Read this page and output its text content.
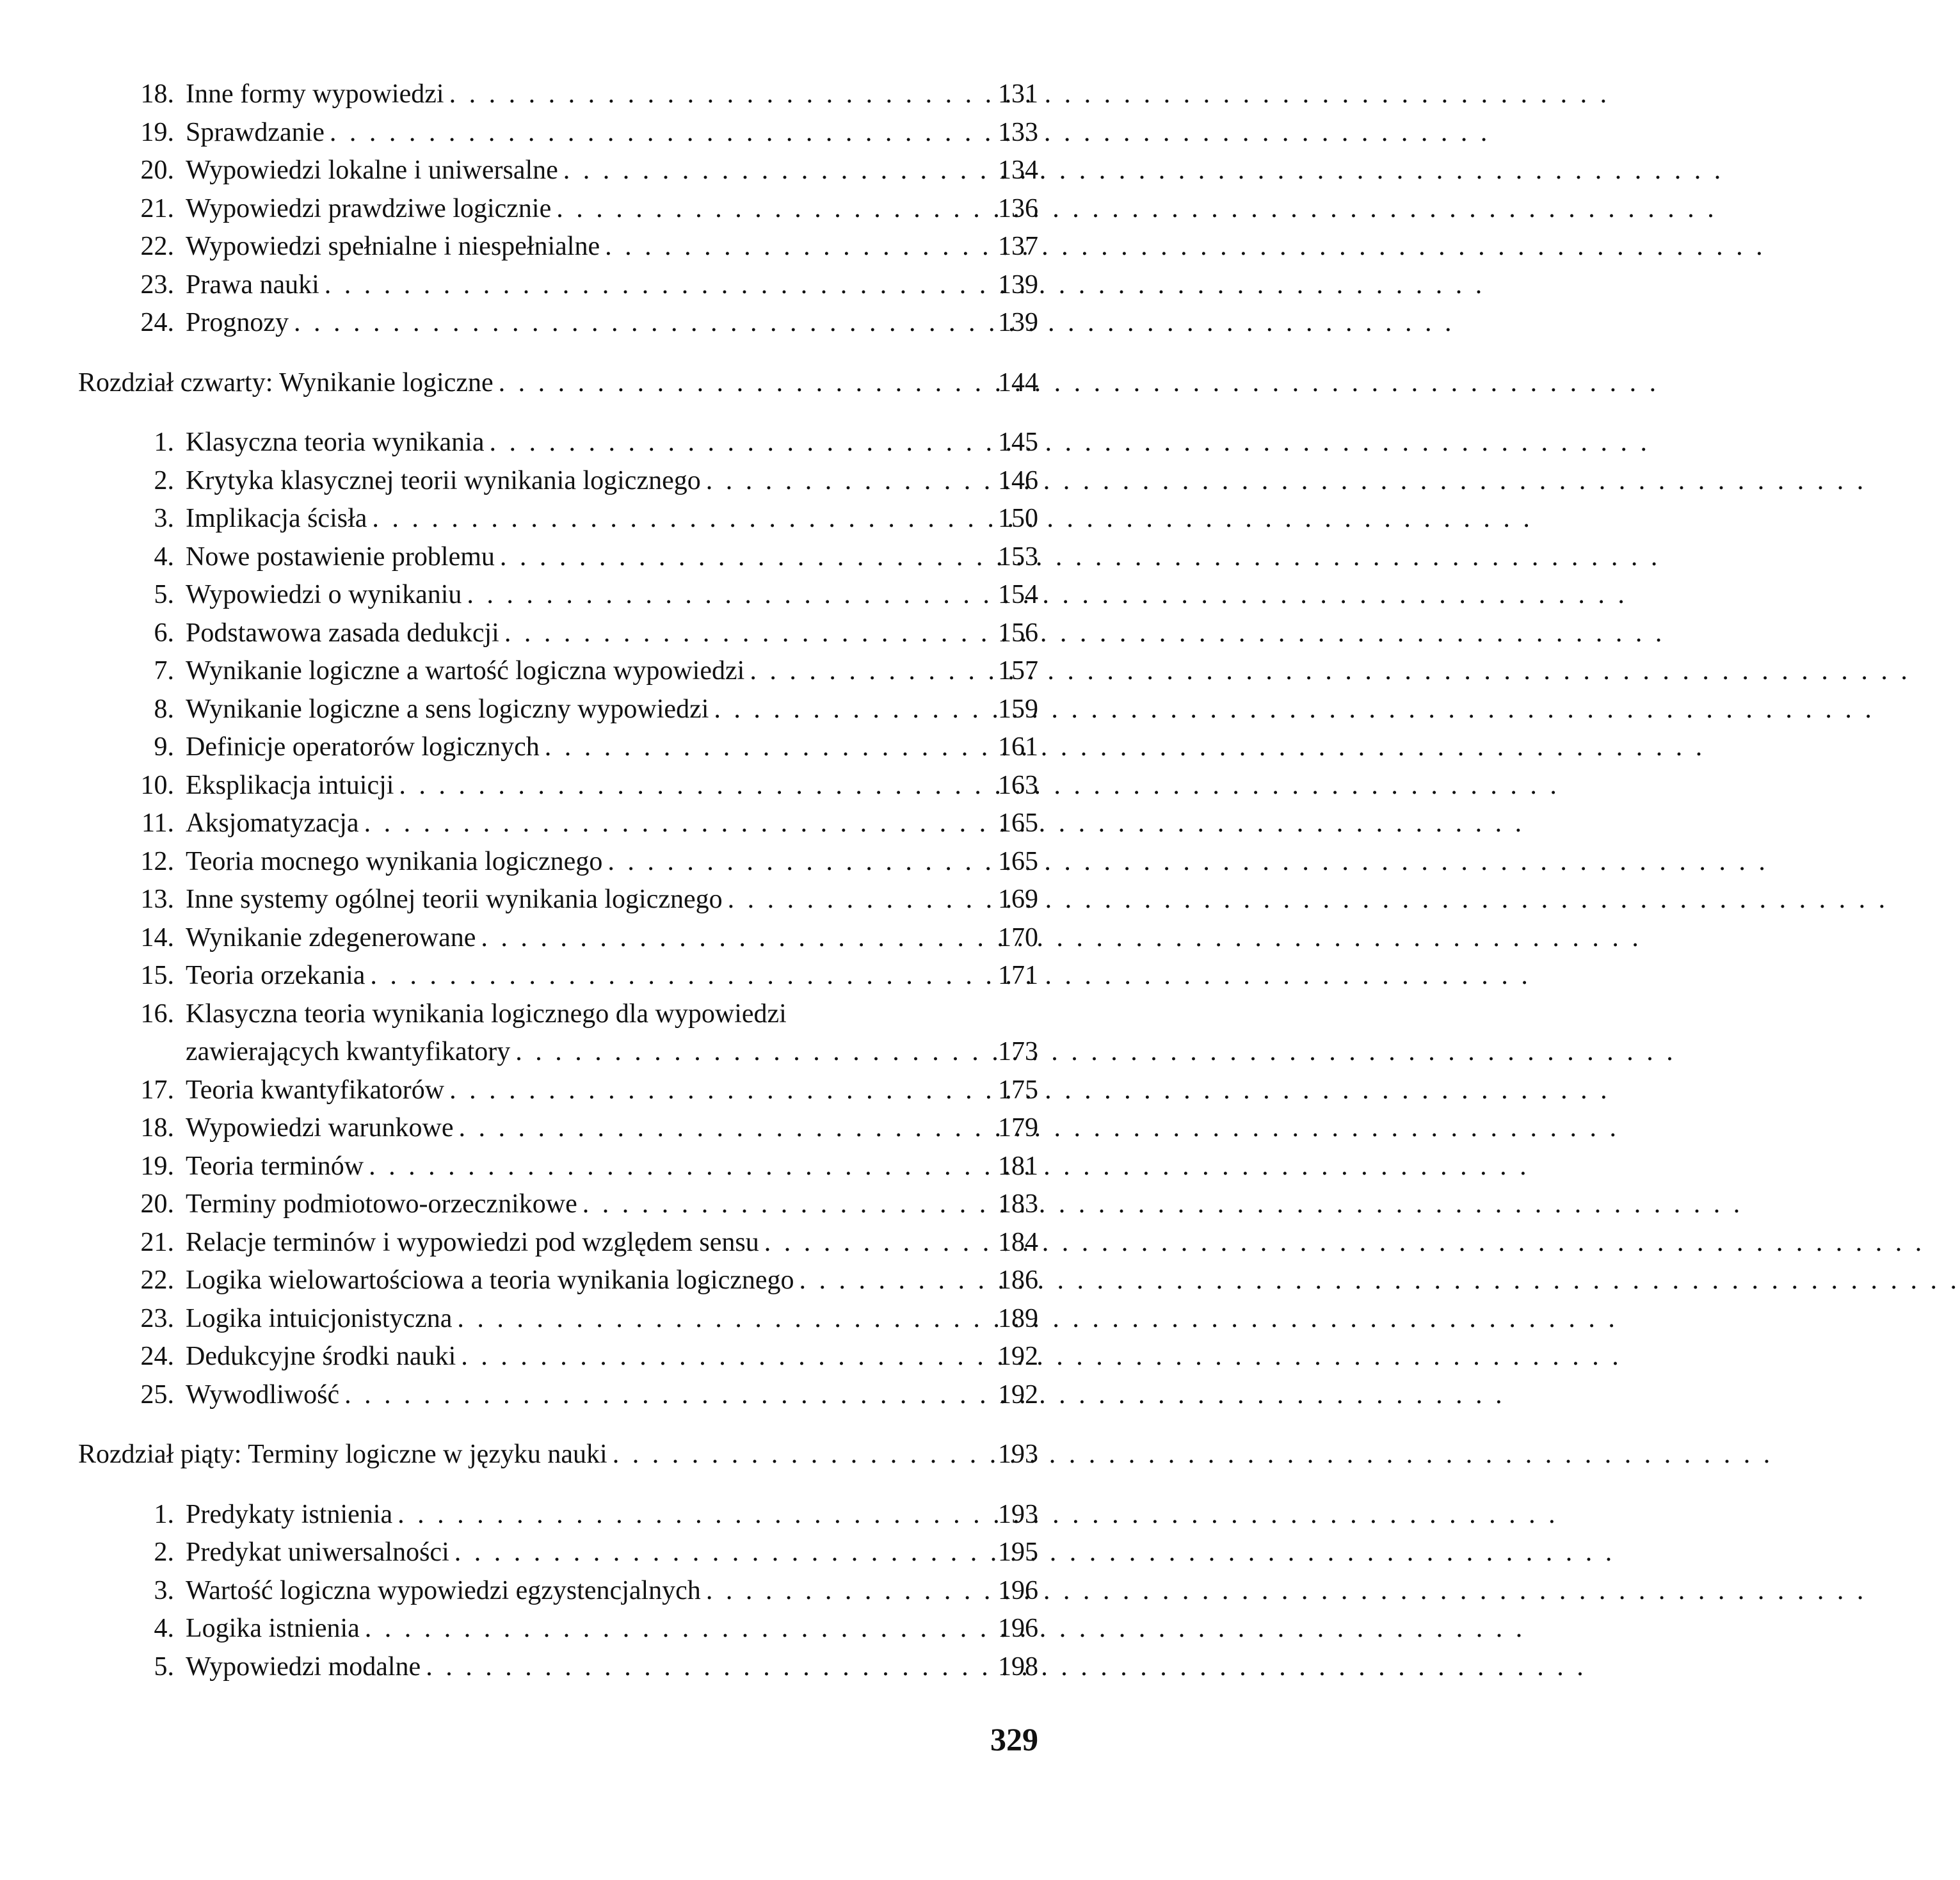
18. Inne formy wypowiedzi . . .	131
19. Sprawdzanie . . .	133
20. Wypowiedzi lokalne i uniwersalne . . .	134
21. Wypowiedzi prawdziwe logicznie . . .	136
22. Wypowiedzi spełnialne i niespełnialne . . .	137
23. Prawa nauki . . .	139
24. Prognozy . . .	139
Rozdział czwarty: Wynikanie logiczne . . .	144
1. Klasyczna teoria wynikania . . .	145
2. Krytyka klasycznej teorii wynikania logicznego . . .	146
3. Implikacja ścisła . . .	150
4. Nowe postawienie problemu . . .	153
5. Wypowiedzi o wynikaniu . . .	154
6. Podstawowa zasada dedukcji . . .	156
7. Wynikanie logiczne a wartość logiczna wypowiedzi . . .	157
8. Wynikanie logiczne a sens logiczny wypowiedzi . . .	159
9. Definicje operatorów logicznych . . .	161
10. Eksplikacja intuicji . . .	163
11. Aksjomatyzacja . . .	165
12. Teoria mocnego wynikania logicznego . . .	165
13. Inne systemy ogólnej teorii wynikania logicznego . . .	169
14. Wynikanie zdegenerowane . . .	170
15. Teoria orzekania . . .	171
16. Klasyczna teoria wynikania logicznego dla wypowiedzi
zawierających kwantyfikatory . . .	173
17. Teoria kwantyfikatorów . . .	175
18. Wypowiedzi warunkowe . . .	179
19. Teoria terminów . . .	181
20. Terminy podmiotowo-orzecznikowe . . .	183
21. Relacje terminów i wypowiedzi pod względem sensu . . .	184
22. Logika wielowartościowa a teoria wynikania logicznego . . .	186
23. Logika intuicjonistyczna . . .	189
24. Dedukcyjne środki nauki . . .	192
25. Wywodliwość . . .	192
Rozdział piąty: Terminy logiczne w języku nauki . . .	193
1. Predykaty istnienia . . .	193
2. Predykat uniwersalności . . .	195
3. Wartość logiczna wypowiedzi egzystencjalnych . . .	196
4. Logika istnienia . . .	196
5. Wypowiedzi modalne . . .	198
329
